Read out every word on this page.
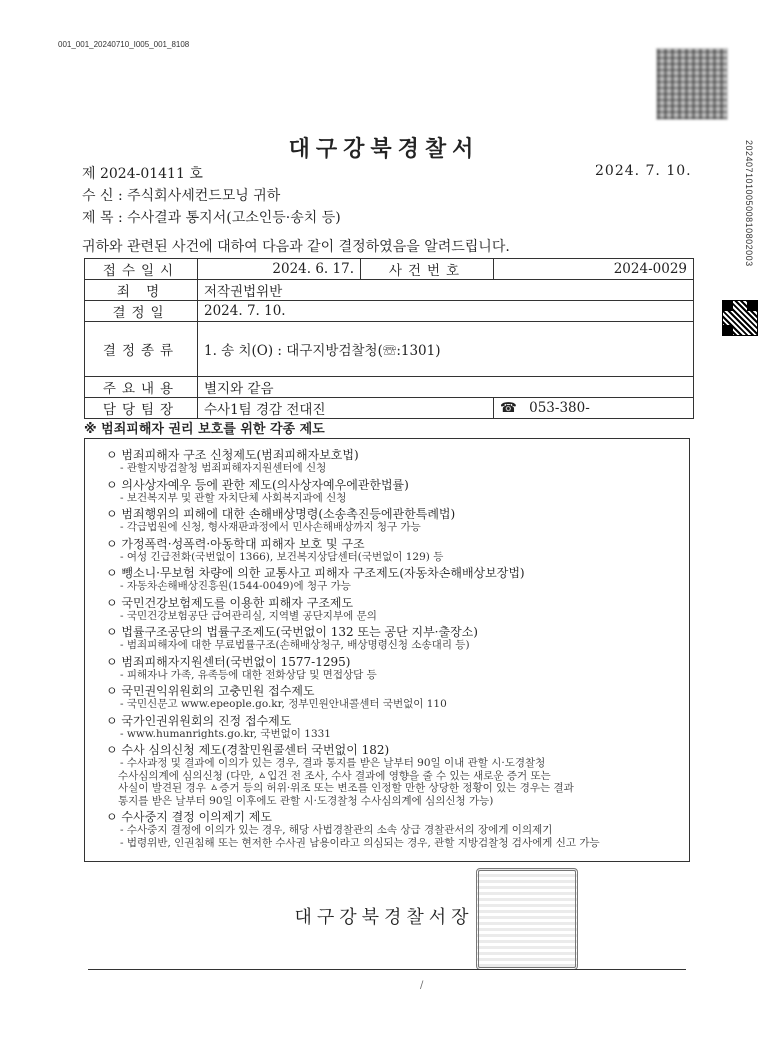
001_001_20240710_I005_001_8108
20240710100500810802003
대구강북경찰서
제 2024-01411 호	2024. 7. 10.
수 신 : 주식회사세컨드모닝 귀하
제 목 : 수사결과 통지서(고소인등·송치 등)
귀하와 관련된 사건에 대하여 다음과 같이 결정하였음을 알려드립니다.
접수일시	2024. 6. 17.	사건번호	2024-0029
죄 명	저작권법위반		
결정일	2024. 7. 10.		
결정종류	1. 송 치(O) : 대구지방검찰청(☏:1301)		
주요내용	별지와 같음		
담당팀장	수사1팀 경감 전대진		☎ 053-380-
※ 범죄피해자 권리 보호를 위한 각종 제도
ㅇ 범죄피해자 구조 신청제도(범죄피해자보호법)
- 관할지방검찰청 범죄피해자지원센터에 신청
ㅇ 의사상자예우 등에 관한 제도(의사상자예우에관한법률)
- 보건복지부 및 관할 자치단체 사회복지과에 신청
ㅇ 범죄행위의 피해에 대한 손해배상명령(소송촉진등에관한특례법)
- 각급법원에 신청, 형사재판과정에서 민사손해배상까지 청구 가능
ㅇ 가정폭력·성폭력·아동학대 피해자 보호 및 구조
- 여성 긴급전화(국번없이 1366), 보건복지상담센터(국번없이 129) 등
ㅇ 뺑소니·무보험 차량에 의한 교통사고 피해자 구조제도(자동차손해배상보장법)
- 자동차손해배상진흥원(1544-0049)에 청구 가능
ㅇ 국민건강보험제도를 이용한 피해자 구조제도
- 국민건강보험공단 급여관리실, 지역별 공단지부에 문의
ㅇ 법률구조공단의 법률구조제도(국번없이 132 또는 공단 지부·출장소)
- 범죄피해자에 대한 무료법률구조(손해배상청구, 배상명령신청 소송대리 등)
ㅇ 범죄피해자지원센터(국번없이 1577-1295)
- 피해자나 가족, 유족등에 대한 전화상담 및 면접상담 등
ㅇ 국민권익위원회의 고충민원 접수제도
- 국민신문고 www.epeople.go.kr, 정부민원안내콜센터 국번없이 110
ㅇ 국가인권위원회의 진정 접수제도
- www.humanrights.go.kr, 국번없이 1331
ㅇ 수사 심의신청 제도(경찰민원콜센터 국번없이 182)
- 수사과정 및 결과에 이의가 있는 경우, 결과 통지를 받은 날부터 90일 이내 관할 시·도경찰청
수사심의계에 심의신청 (다만, ㅿ입건 전 조사, 수사 결과에 영향을 줄 수 있는 새로운 증거 또는
사실이 발견된 경우 ㅿ증거 등의 허위·위조 또는 변조를 인정할 만한 상당한 정황이 있는 경우는 결과
통지를 받은 날부터 90일 이후에도 관할 시·도경찰청 수사심의계에 심의신청 가능)
ㅇ 수사중지 결정 이의제기 제도
- 수사중지 결정에 이의가 있는 경우, 해당 사법경찰관의 소속 상급 경찰관서의 장에게 이의제기
- 법령위반, 인권침해 또는 현저한 수사권 남용이라고 의심되는 경우, 관할 지방검찰청 검사에게 신고 가능
대구강북경찰서장
/
